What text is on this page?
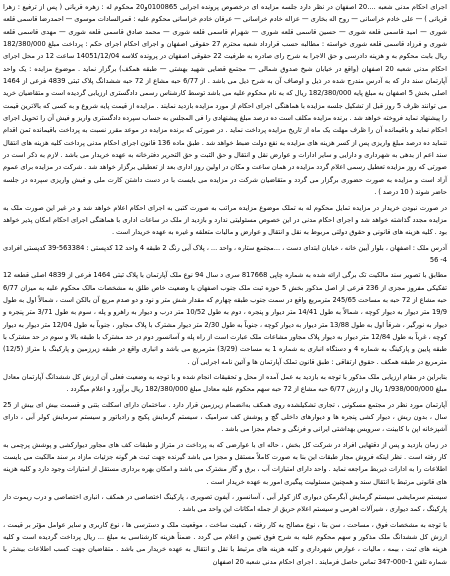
اجرای احکام مدنی شعبه ....20 اصفهان در نظر دارد جلسه مزایده ای درخصوص پرونده اجرایی 0100865و20 محکوم له : زهره قربانی ( پس از ترفیع : زهرا قربانی ) — علی خادم خراسانی — روح اله بخاری — عزاله خادم خراسانی — عرفان خادم خراسانی محکوم علیه : قمرالسادات موسوی — احمدرضا قاسمی قلعه شوری — امید قاسمی قلعه شوری — حسین قاسمی قلعه شوری — شهرام قاسمی قلعه شوری — محمد صادق قاسمی قلعه شوری — مهدی قاسمی قلعه شوری و فرزاد قاسمی قلعه شوری خواسته : مطالبه حسب قرارداد شعبه محترم 27 حقوقی اصفهان و اجرای احکام اجرای حکم : پرداخت مبلغ 182/380/000 ریال بابت محکوم به و هزینه دادرسی و حق الاجرا به شرح رای صادره به طرفیت 22 حقوقی اصفهان در پرونده کلاسه 14051/12/04 ساعت 12 در محل اجرای احکام مدنی شعبه 20 اصفهان (واقع در خیابان شیخ صدوق شمالی — مجتمع قضایی شهید بهشتی — طبقه همکف) برگزار نماید . موضوع مزایده : یک واحد آپارتمان سند دار که به آدرس مندرج شده در ذیل و اوصاف آن به شرح ذیل می باشد . از 6/77 حبه مشاع از 72 حبه ششدانگ پلاک ثبتی 4839 فرعی از 1464 اصلی بخش 5 اصفهان به مبلغ پایه 182/380/000 ریال که به نام محکوم علیه می باشد توسط کارشناس رسمی دادگستری ارزیابی گردیده است و متقاضیان خرید می توانند ظرف 5 روز قبل از تشکیل جلسه مزایده با هماهنگی اجرای احکام از مورد مزایده بازدید نمایند . مزایده از قیمت پایه شروع و به کسی که بالاترین قیمت را پیشنهاد نماید فروخته خواهد شد . برنده مزایده مکلف است ده درصد مبلغ پیشنهادی را فی المجلس به حساب سپرده دادگستری واریز و فیش آن را تحویل اجرای احکام نماید و باقیمانده آن را ظرف مهلت یک ماه از تاریخ مزایده پرداخت نماید . در صورتی که برنده مزایده در موعد مقرر نسبت به پرداخت باقیمانده ثمن اقدام ننماید ده درصد مبلغ واریزی پس از کسر هزینه های مزایده به نفع دولت ضبط خواهد شد . طبق ماده 136 قانون اجرای احکام مدنی پرداخت کلیه هزینه های انتقال سند اعم از بدهی به شهرداری و دارایی و سایر ادارات و عوارض نقل و انتقال و حق الثبت و حق التحریر دفترخانه به عهده خریدار می باشد . لازم به ذکر است در صورتی که روز مزایده تعطیل رسمی اعلام گردد مزایده در همان ساعت و مکان در اولین روز اداری بعد از تعطیلی برگزار خواهد شد . شرکت در مزایده برای عموم آزاد است و مزایده به صورت حضوری برگزار می گردد و متقاضیان شرکت در مزایده می بایست با در دست داشتن کارت ملی و فیش واریزی سپرده در جلسه حاضر شوند ( 10 درصد ) .

در صورت نبودن خریدار در مزایده تمایل محکوم له به تملک موضوع مزایده مراتب به صورت کتبی به اجرای احکام اعلام خواهد شد و در غیر این صورت ملک به مزایده مجدد گذاشته خواهد شد و اجرای احکام مدنی در این خصوص مسئولیتی ندارد و بازدید از ملک در ساعات اداری با هماهنگی اجرای احکام امکان پذیر خواهد بود . کلیه هزینه های قانونی و حقوق دولتی مربوط به نقل و انتقال و عوارض و مالیات متعلقه و غیره به عهده خریدار است .

آدرس ملک : اصفهان ، بلوار آیین خانه ، خیابان ابتدای دست ، ...مجتمع ستاره ، واحد ... ، پلاک آبی رنگ 2 طبقه 4 واحد 12 کدپستی : 563384-39 کدپستی افرادی 4- 56

مطابق با تصویر سند مالکیت تک برگی ارائه شده به شماره چاپی 817668 سری د سال 94 نوع ملک آپارتمان با پلاک ثبتی 1464 فرعی از 4839 اصلی قطعه 12 تفکیکی مفروز مجزی از 236 فرعی از اصل مذکور بخش 5 حوزه ثبت ملک جنوب اصفهان با وضعیت خاص طلق به مشخصات مالک محکوم علیه به میزان 6/77 حبه مشاع از 72 حبه به مساحت 245/65 مترمربع واقع در سمت جنوب طبقه چهارم که مقدار شش متر و نود و دو صدم مربع آن بالکن است ، شمالاً اول به طول 19/9 متر دیوار به دیوار کوچه ، شمالاً به طول 14/41 متر دیوار و پنجره ، دوم به طول 10/52 متر درب و دیوار به راهرو و پله ، سوم به طول 3/71 متر پنجره و دیوار به نورگیر ، شرقاً اول به طول 13/88 متر دیوار به دیوار کوچه ، جنوباً به طول 2/30 متر دیوار مشترک با پلاک مجاور ، جنوباً به طول 12/04 متر دیوار به دیوار کوچه ، غرباً به طول 12/84 متر دیوار به دیوار پلاک مجاور مشاعات ملک عبارت است از راه پله و آسانسور دوم در حد مشترک با طبقه بالا و سوم در حد مشترک با طبقه پایین و پارکینگ به شماره 4 و دستگاه انباری به شماره 1 به مساحت (3/29) مترمربع می باشد و انباری واقع در طبقه زیرزمین و پارکینگ با متراژ (12/5) مترمربع در طبقه همکف . حقوق ارتفاقی : طبق قانون تملک آپارتمان ها و آئین نامه اجرایی آن .

بنابراین در مقام ارزیابی ملک مذکور با توجه به بازدید به عمل آمده از محل و تحقیقات انجام شده و با توجه به وضعیت فعلی آن ارزش کل ششدانگ آپارتمان معادل مبلغ 1/938/000/000 ریال و ارزش 6/77 حبه مشاع از 72 حبه سهم محکوم علیه معادل مبلغ 182/380/000 ریال برآورد و اعلام میگردد .

آپارتمان مورد نظر در مجتمع مسکونی ، تجاری تشکیلشده روی همکف به‌انضمام زیرزمین قرار دارد . ساختمان دارای اسکلت بتنی و قسمت بیش ای بیش از 25 سال ، بدون ریش ، دیوار کشی پنجره ها و دیوارهای داخلی گچ و پوشش کف سرامیک ، سیستم گرمایش پکیج و رادیاتور و سیستم سرمایش کولر آبی ، دارای آشپزخانه اپن با کابینت ، سرویس بهداشتی ایرانی و فرنگی و حمام مجزا می باشد .

در زمان بازدید و پس از دقتهایی افراد در شرکت کل بخش ، حاله ای با عوارضی که به پرداخت در متراژ و طبقات کف های مجاور دیوارکشی و پوشش پرچمی به کار رفته است . نظر اینکه فروش مجاز طبقات این بنا به صورت کاملاً مستقل و مجزا می باشد گیرنده جهت ثبت هر گونه جزئیات مازاد بر سند مالکیت می بایست اطلاعات را به ادارات ذیربط مراجعه نماید . واحد دارای امتیازات آب ، برق و گاز مشترک می باشد و امکان بهره برداری مستقل از امتیازات وجود دارد و کلیه هزینه های قانونی مرتبط با انتقال سند و همچنین مسئولیت پیگیری امور به عهده خریدار است .

سیستم سرمایشی سیستم گرمایش آبگرمکن دیواری گاز کولر آبی ، آسانسور ، آیفون تصویری ، پارکینگ اختصاصی در همکف ، انباری اختصاصی و درب ریموت دار پارکینگ ، کمد دیواری ، شیرآلات اهرمی و سیستم اعلام حریق از جمله امکانات این واحد می باشد .

با توجه به مشخصات فوق ، مساحت ، سن بنا ، نوع مصالح به کار رفته ، کیفیت ساخت ، موقعیت ملک و دسترسی ها ، نوع کاربری و سایر عوامل مؤثر بر قیمت ، ارزش کل ششدانگ ملک مذکور و سهم محکوم علیه به شرح فوق تعیین و اعلام می گردد . ضمناً هزینه کارشناسی به مبلغ ... ریال پرداخت گردیده است و کلیه هزینه های ثبت ، بیمه ، مالیات ، عوارض شهرداری و کلیه هزینه های مرتبط با نقل و انتقال به عهده خریدار می باشد . متقاضیان جهت کسب اطلاعات بیشتر با شماره تلفن 1-000-347 تماس حاصل فرمایند . اجرای احکام مدنی شعبه 20 اصفهان
